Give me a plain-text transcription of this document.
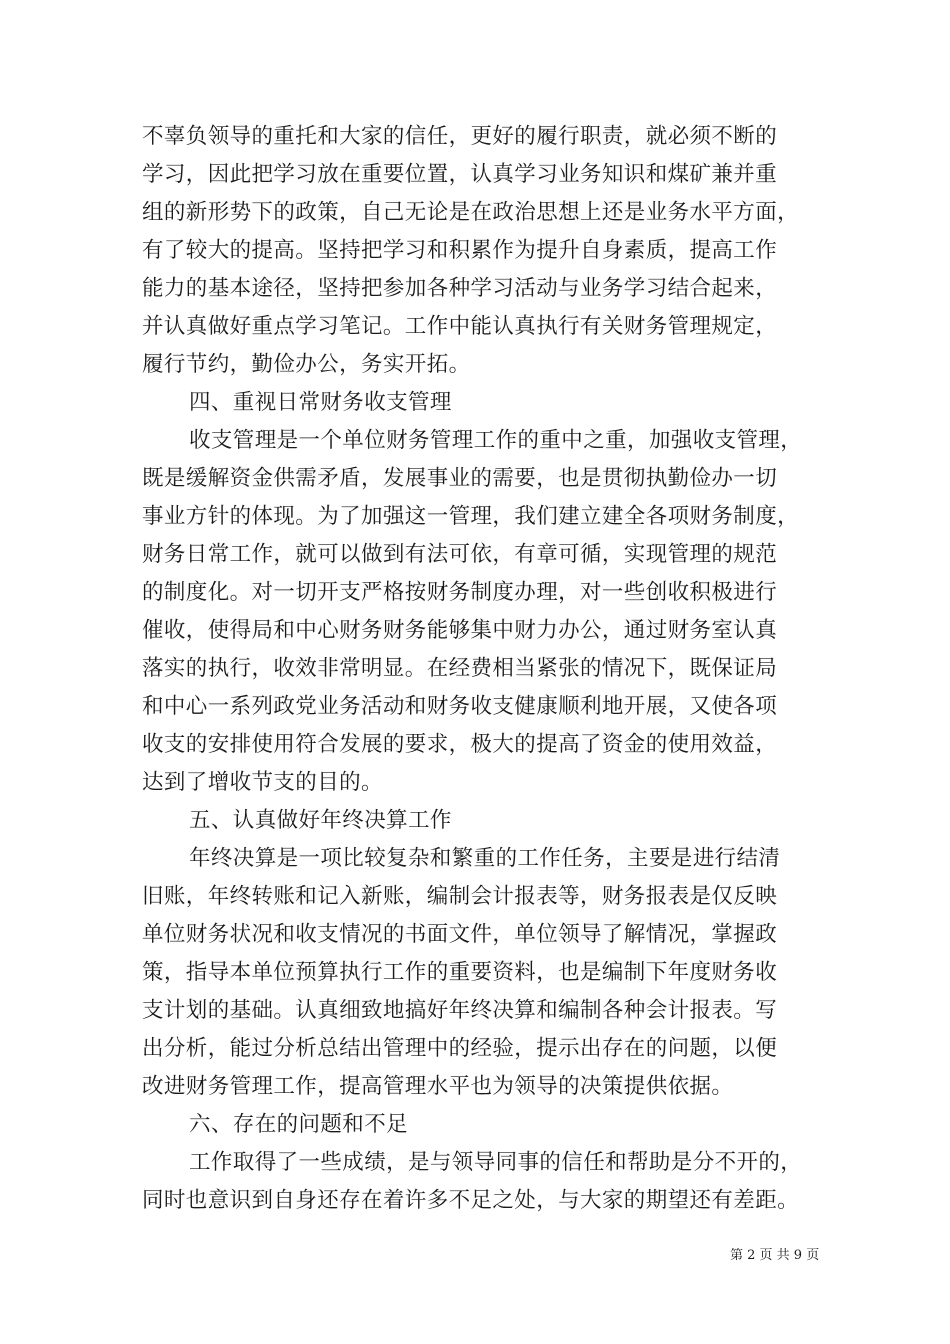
不辜负领导的重托和大家的信任，更好的履行职责，就必须不断的
学习，因此把学习放在重要位置，认真学习业务知识和煤矿兼并重
组的新形势下的政策，自己无论是在政治思想上还是业务水平方面，
有了较大的提高。坚持把学习和积累作为提升自身素质，提高工作
能力的基本途径，坚持把参加各种学习活动与业务学习结合起来，
并认真做好重点学习笔记。工作中能认真执行有关财务管理规定，
履行节约，勤俭办公，务实开拓。
四、重视日常财务收支管理
收支管理是一个单位财务管理工作的重中之重，加强收支管理，
既是缓解资金供需矛盾，发展事业的需要，也是贯彻执勤俭办一切
事业方针的体现。为了加强这一管理，我们建立建全各项财务制度，
财务日常工作，就可以做到有法可依，有章可循，实现管理的规范
的制度化。对一切开支严格按财务制度办理，对一些创收积极进行
催收，使得局和中心财务财务能够集中财力办公，通过财务室认真
落实的执行，收效非常明显。在经费相当紧张的情况下，既保证局
和中心一系列政党业务活动和财务收支健康顺利地开展，又使各项
收支的安排使用符合发展的要求，极大的提高了资金的使用效益，
达到了增收节支的目的。
五、认真做好年终决算工作
年终决算是一项比较复杂和繁重的工作任务，主要是进行结清
旧账，年终转账和记入新账，编制会计报表等，财务报表是仅反映
单位财务状况和收支情况的书面文件，单位领导了解情况，掌握政
策，指导本单位预算执行工作的重要资料，也是编制下年度财务收
支计划的基础。认真细致地搞好年终决算和编制各种会计报表。写
出分析，能过分析总结出管理中的经验，提示出存在的问题，以便
改进财务管理工作，提高管理水平也为领导的决策提供依据。
六、存在的问题和不足
工作取得了一些成绩，是与领导同事的信任和帮助是分不开的，
同时也意识到自身还存在着许多不足之处，与大家的期望还有差距。
第 2 页 共 9 页
